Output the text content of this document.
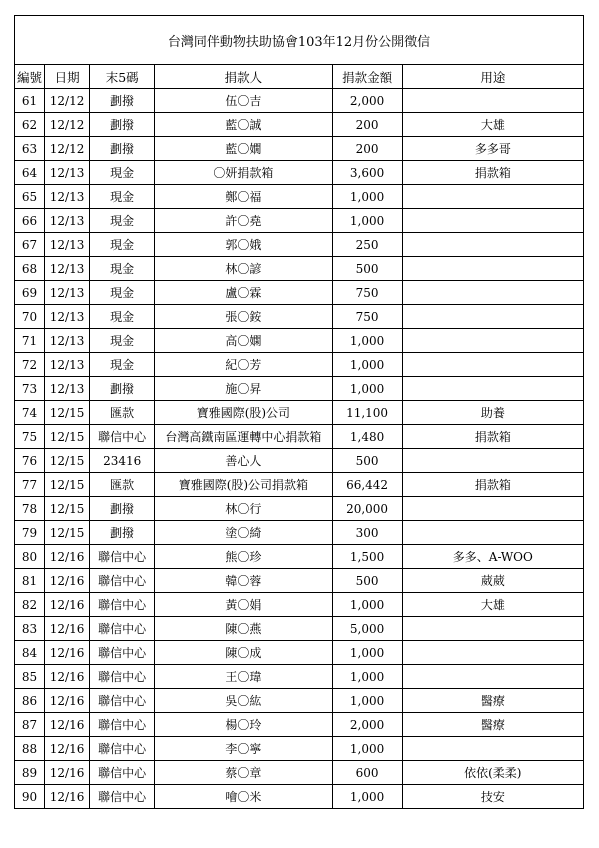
台灣同伴動物扶助協會103年12月份公開徵信
編號	日期	末5碼	捐款人	捐款金額	用途
61	12/12	劃撥	伍〇吉	2,000	
62	12/12	劃撥	藍〇誠	200	大雄
63	12/12	劃撥	藍〇嫺	200	多多哥
64	12/13	現金	〇妍捐款箱	3,600	捐款箱
65	12/13	現金	鄭〇福	1,000	
66	12/13	現金	許〇堯	1,000	
67	12/13	現金	郭〇娥	250	
68	12/13	現金	林〇諺	500	
69	12/13	現金	盧〇霖	750	
70	12/13	現金	張〇銨	750	
71	12/13	現金	高〇嫻	1,000	
72	12/13	現金	紀〇芳	1,000	
73	12/13	劃撥	施〇昇	1,000	
74	12/15	匯款	寶雅國際(股)公司	11,100	助養
75	12/15	聯信中心	台灣高鐵南區運轉中心捐款箱	1,480	捐款箱
76	12/15	23416	善心人	500	
77	12/15	匯款	寶雅國際(股)公司捐款箱	66,442	捐款箱
78	12/15	劃撥	林〇行	20,000	
79	12/15	劃撥	塗〇綺	300	
80	12/16	聯信中心	熊〇珍	1,500	多多、A-WOO
81	12/16	聯信中心	韓〇蓉	500	葳葳
82	12/16	聯信中心	黃〇娟	1,000	大雄
83	12/16	聯信中心	陳〇燕	5,000	
84	12/16	聯信中心	陳〇成	1,000	
85	12/16	聯信中心	王〇瑋	1,000	
86	12/16	聯信中心	吳〇紘	1,000	醫療
87	12/16	聯信中心	楊〇玲	2,000	醫療
88	12/16	聯信中心	李〇寧	1,000	
89	12/16	聯信中心	蔡〇章	600	依依(柔柔)
90	12/16	聯信中心	噲〇米	1,000	技安
